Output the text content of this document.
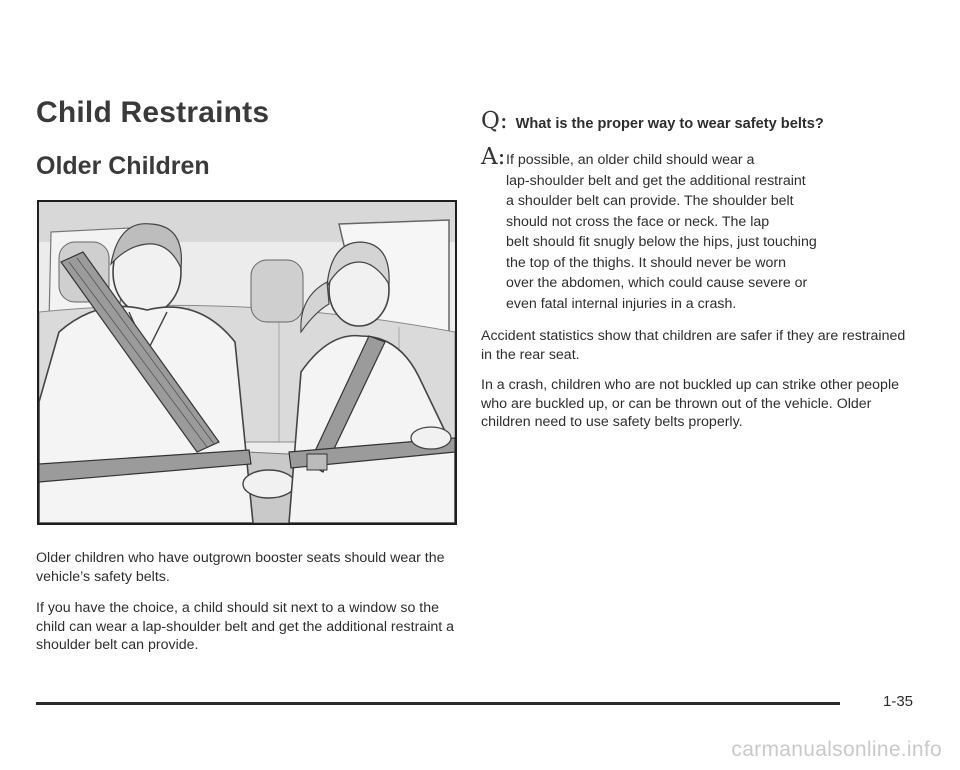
Child Restraints
Older Children

Older children who have outgrown booster seats should wear the vehicle’s safety belts.

If you have the choice, a child should sit next to a window so the child can wear a lap-shoulder belt and get the additional restraint a shoulder belt can provide.

Q: What is the proper way to wear safety belts?
A: If possible, an older child should wear a
lap-shoulder belt and get the additional restraint
a shoulder belt can provide. The shoulder belt
should not cross the face or neck. The lap
belt should fit snugly below the hips, just touching
the top of the thighs. It should never be worn
over the abdomen, which could cause severe or
even fatal internal injuries in a crash.

Accident statistics show that children are safer if they are restrained in the rear seat.

In a crash, children who are not buckled up can strike other people who are buckled up, or can be thrown out of the vehicle. Older children need to use safety belts properly.

1-35
carmanualsonline.info
